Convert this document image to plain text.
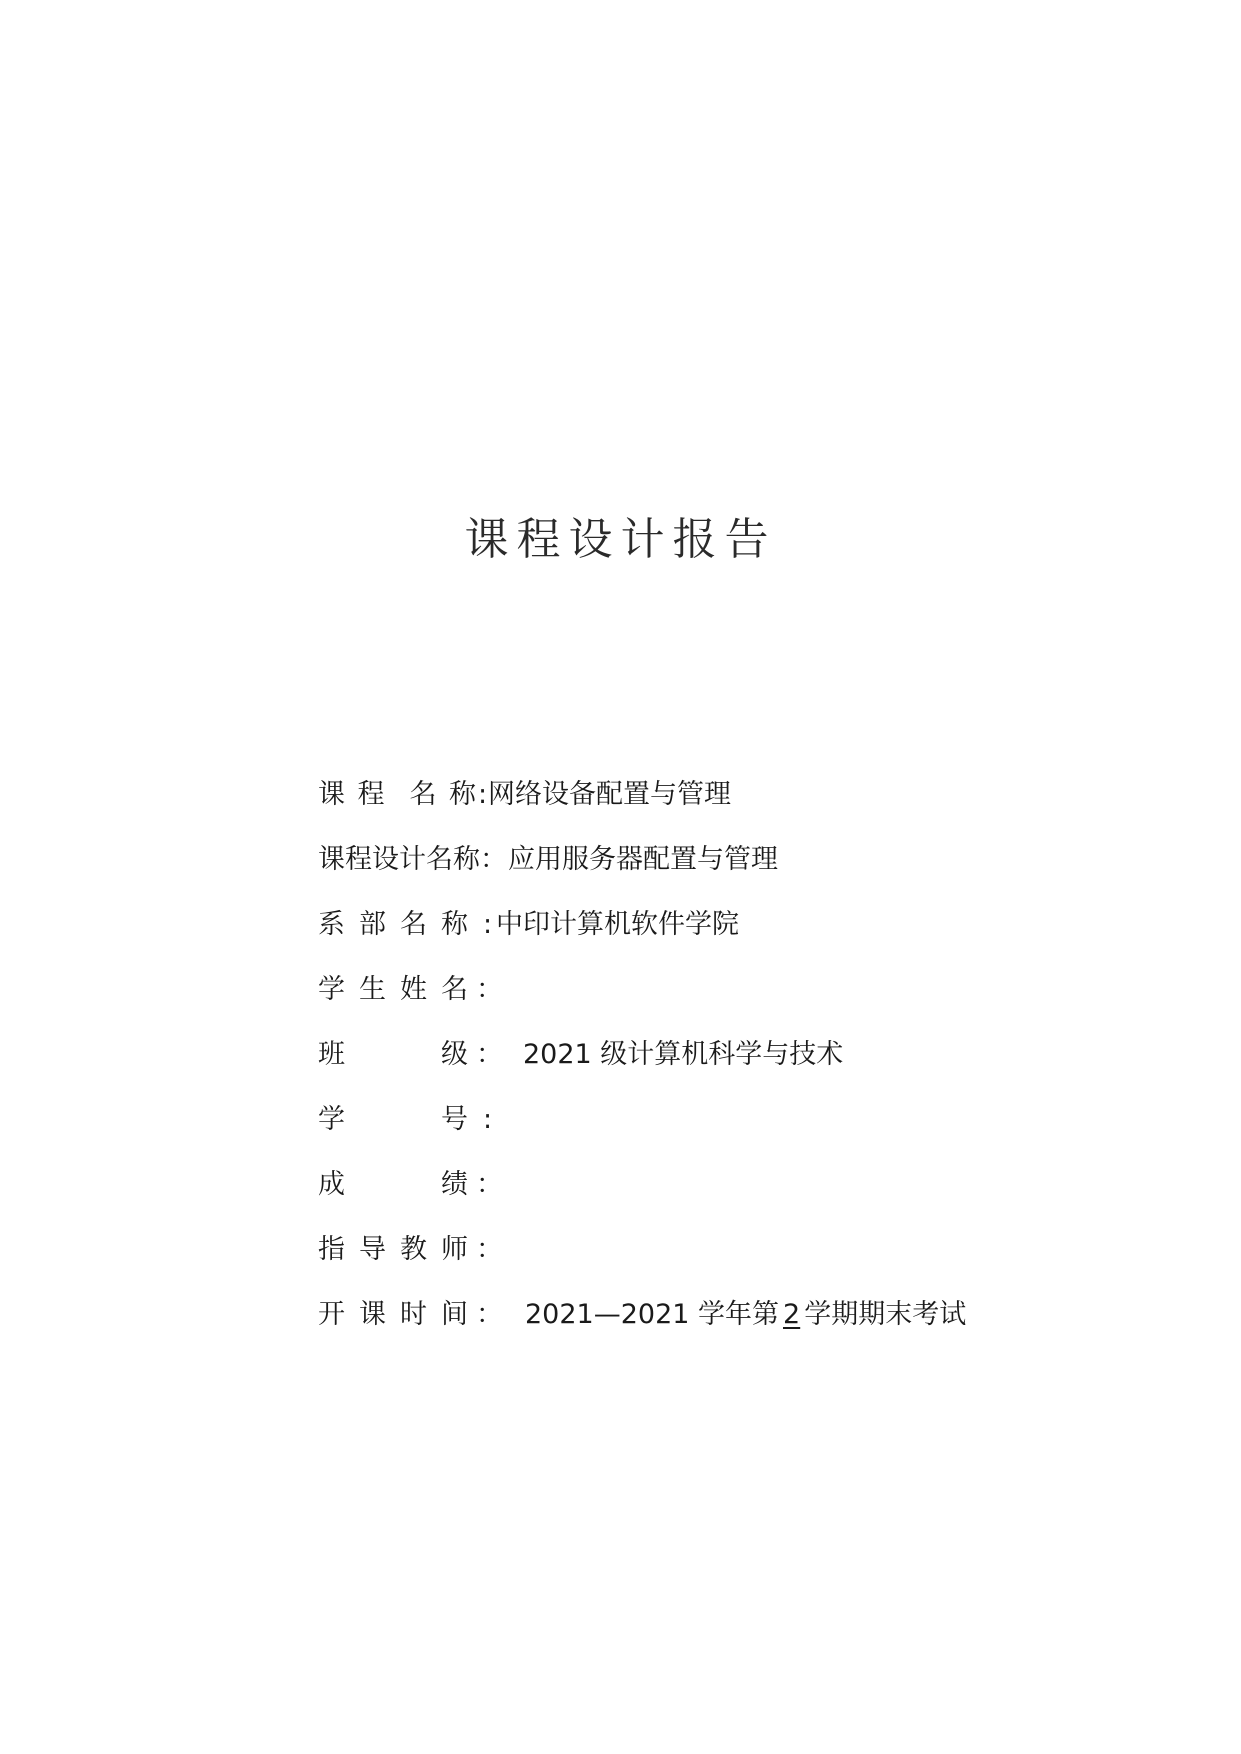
课程设计报告
课 程 名 称 : 网络设备配置与管理
课程设计名称 ： 应用服务器配置与管理
系 部 名 称 : 中印计算机软件学院
学 生 姓 名 ：
班	级 ： 2021 级计算机科学与技术
学	号 :
成	绩 ：
指 导 教 师 ：
开 课 时 间 ： 2021—2021 学年第 2 学期期末考试
